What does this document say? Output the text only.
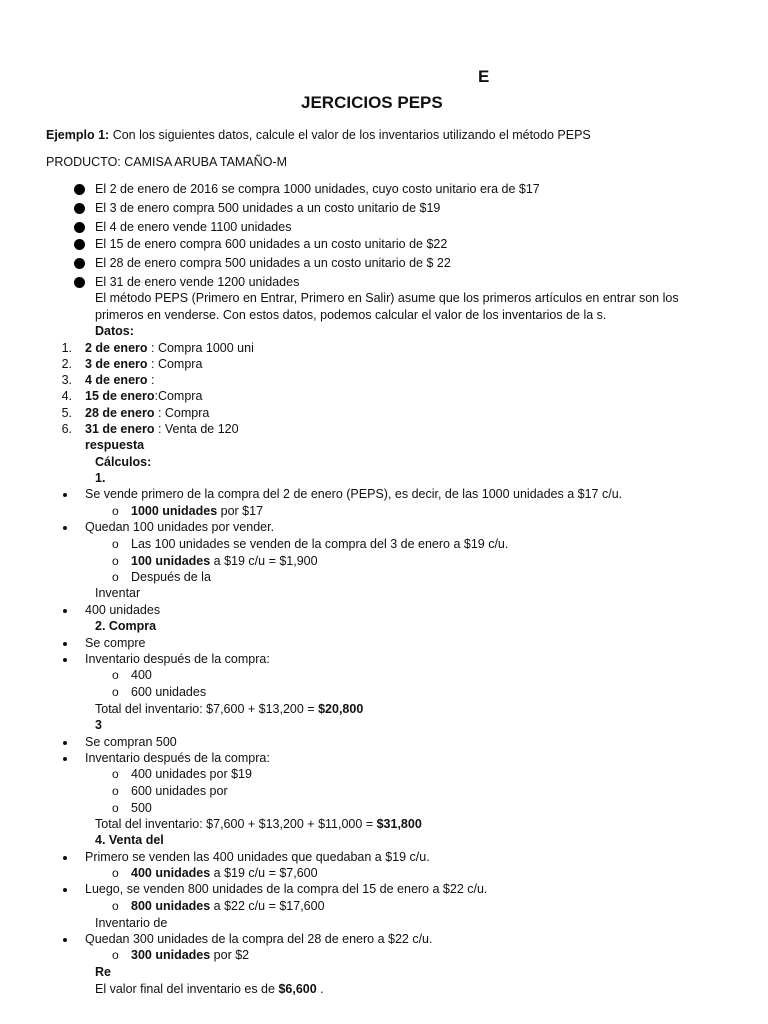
E
JERCICIOS PEPS
Ejemplo 1: Con los siguientes datos, calcule el valor de los inventarios utilizando el método PEPS
PRODUCTO: CAMISA ARUBA TAMAÑO-M
El 2 de enero de 2016 se compra 1000 unidades, cuyo costo unitario era de $17
El 3 de enero compra 500 unidades a un costo unitario de $19
El 4 de enero vende 1100 unidades
El 15 de enero compra 600 unidades a un costo unitario de $22
El 28 de enero compra 500 unidades a un costo unitario de $ 22
El 31 de enero vende 1200 unidades
El método PEPS (Primero en Entrar, Primero en Salir) asume que los primeros artículos en entrar son los
primeros en venderse. Con estos datos, podemos calcular el valor de los inventarios de la s.
Datos:
1. 2 de enero : Compra 1000 uni
2. 3 de enero : Compra
3. 4 de enero :
4. 15 de enero:Compra
5. 28 de enero : Compra
6. 31 de enero : Venta de 120
respuesta
Cálculos:
1.
Se vende primero de la compra del 2 de enero (PEPS), es decir, de las 1000 unidades a $17 c/u.
o 1000 unidades por $17
Quedan 100 unidades por vender.
o Las 100 unidades se venden de la compra del 3 de enero a $19 c/u.
o 100 unidades a $19 c/u = $1,900
o Después de la
Inventar
400 unidades
2. Compra
Se compre
Inventario después de la compra:
o 400
o 600 unidades
Total del inventario: $7,600 + $13,200 = $20,800
3
Se compran 500
Inventario después de la compra:
o 400 unidades por $19
o 600 unidades por
o 500
Total del inventario: $7,600 + $13,200 + $11,000 = $31,800
4. Venta del
Primero se venden las 400 unidades que quedaban a $19 c/u.
o 400 unidades a $19 c/u = $7,600
Luego, se venden 800 unidades de la compra del 15 de enero a $22 c/u.
o 800 unidades a $22 c/u = $17,600
Inventario de
Quedan 300 unidades de la compra del 28 de enero a $22 c/u.
o 300 unidades por $2
Re
El valor final del inventario es de $6,600 .
